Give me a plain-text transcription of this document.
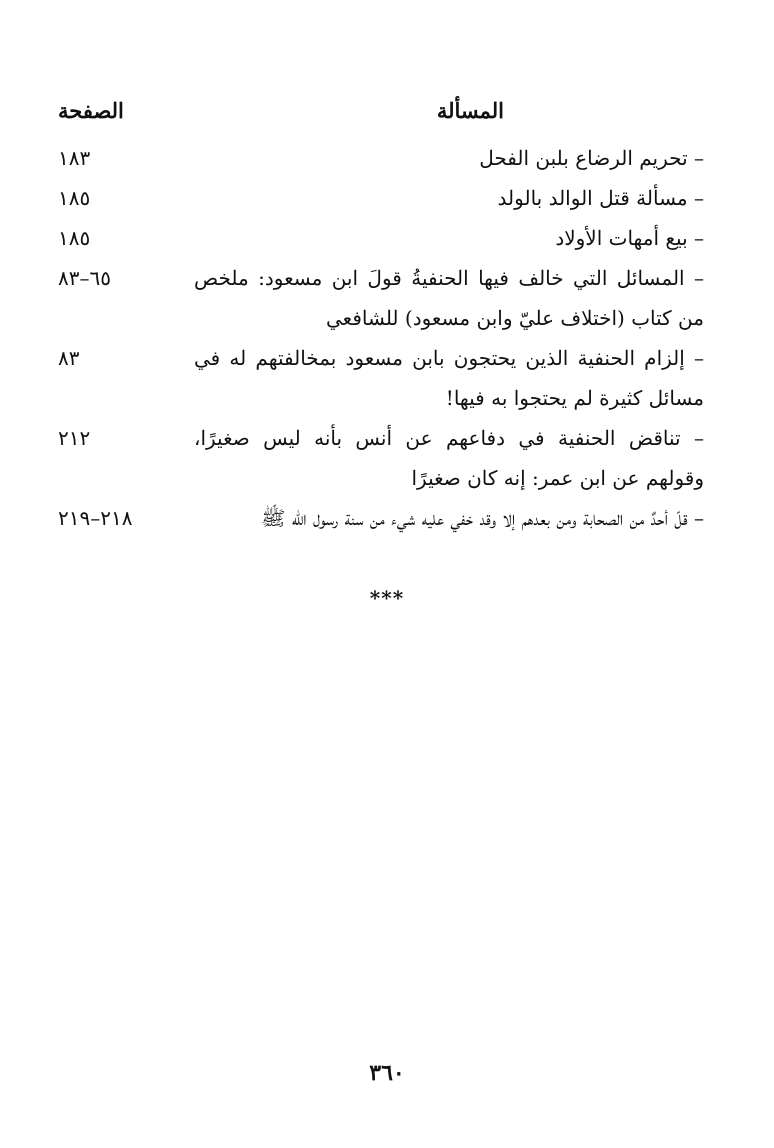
المسألة
الصفحة
– تحريم الرضاع بلبن الفحل
١٨٣
– مسألة قتل الوالد بالولد
١٨٥
– بيع أمهات الأولاد
١٨٥
– المسائل التي خالف فيها الحنفيةُ قولَ ابن مسعود: ملخص من كتاب (اختلاف عليّ وابن مسعود) للشافعي
٦٥–٨٣
– إلزام الحنفية الذين يحتجون بابن مسعود بمخالفتهم له في مسائل كثيرة لم يحتجوا به فيها!
٨٣
– تناقض الحنفية في دفاعهم عن أنس بأنه ليس صغيرًا، وقولهم عن ابن عمر: إنه كان صغيرًا
٢١٢
– قلّ أحدٌ من الصحابة ومن بعدهم إلا وقد خفي عليه شيء من سنة رسول الله ﷺ
٢١٨–٢١٩
***
٣٦٠
